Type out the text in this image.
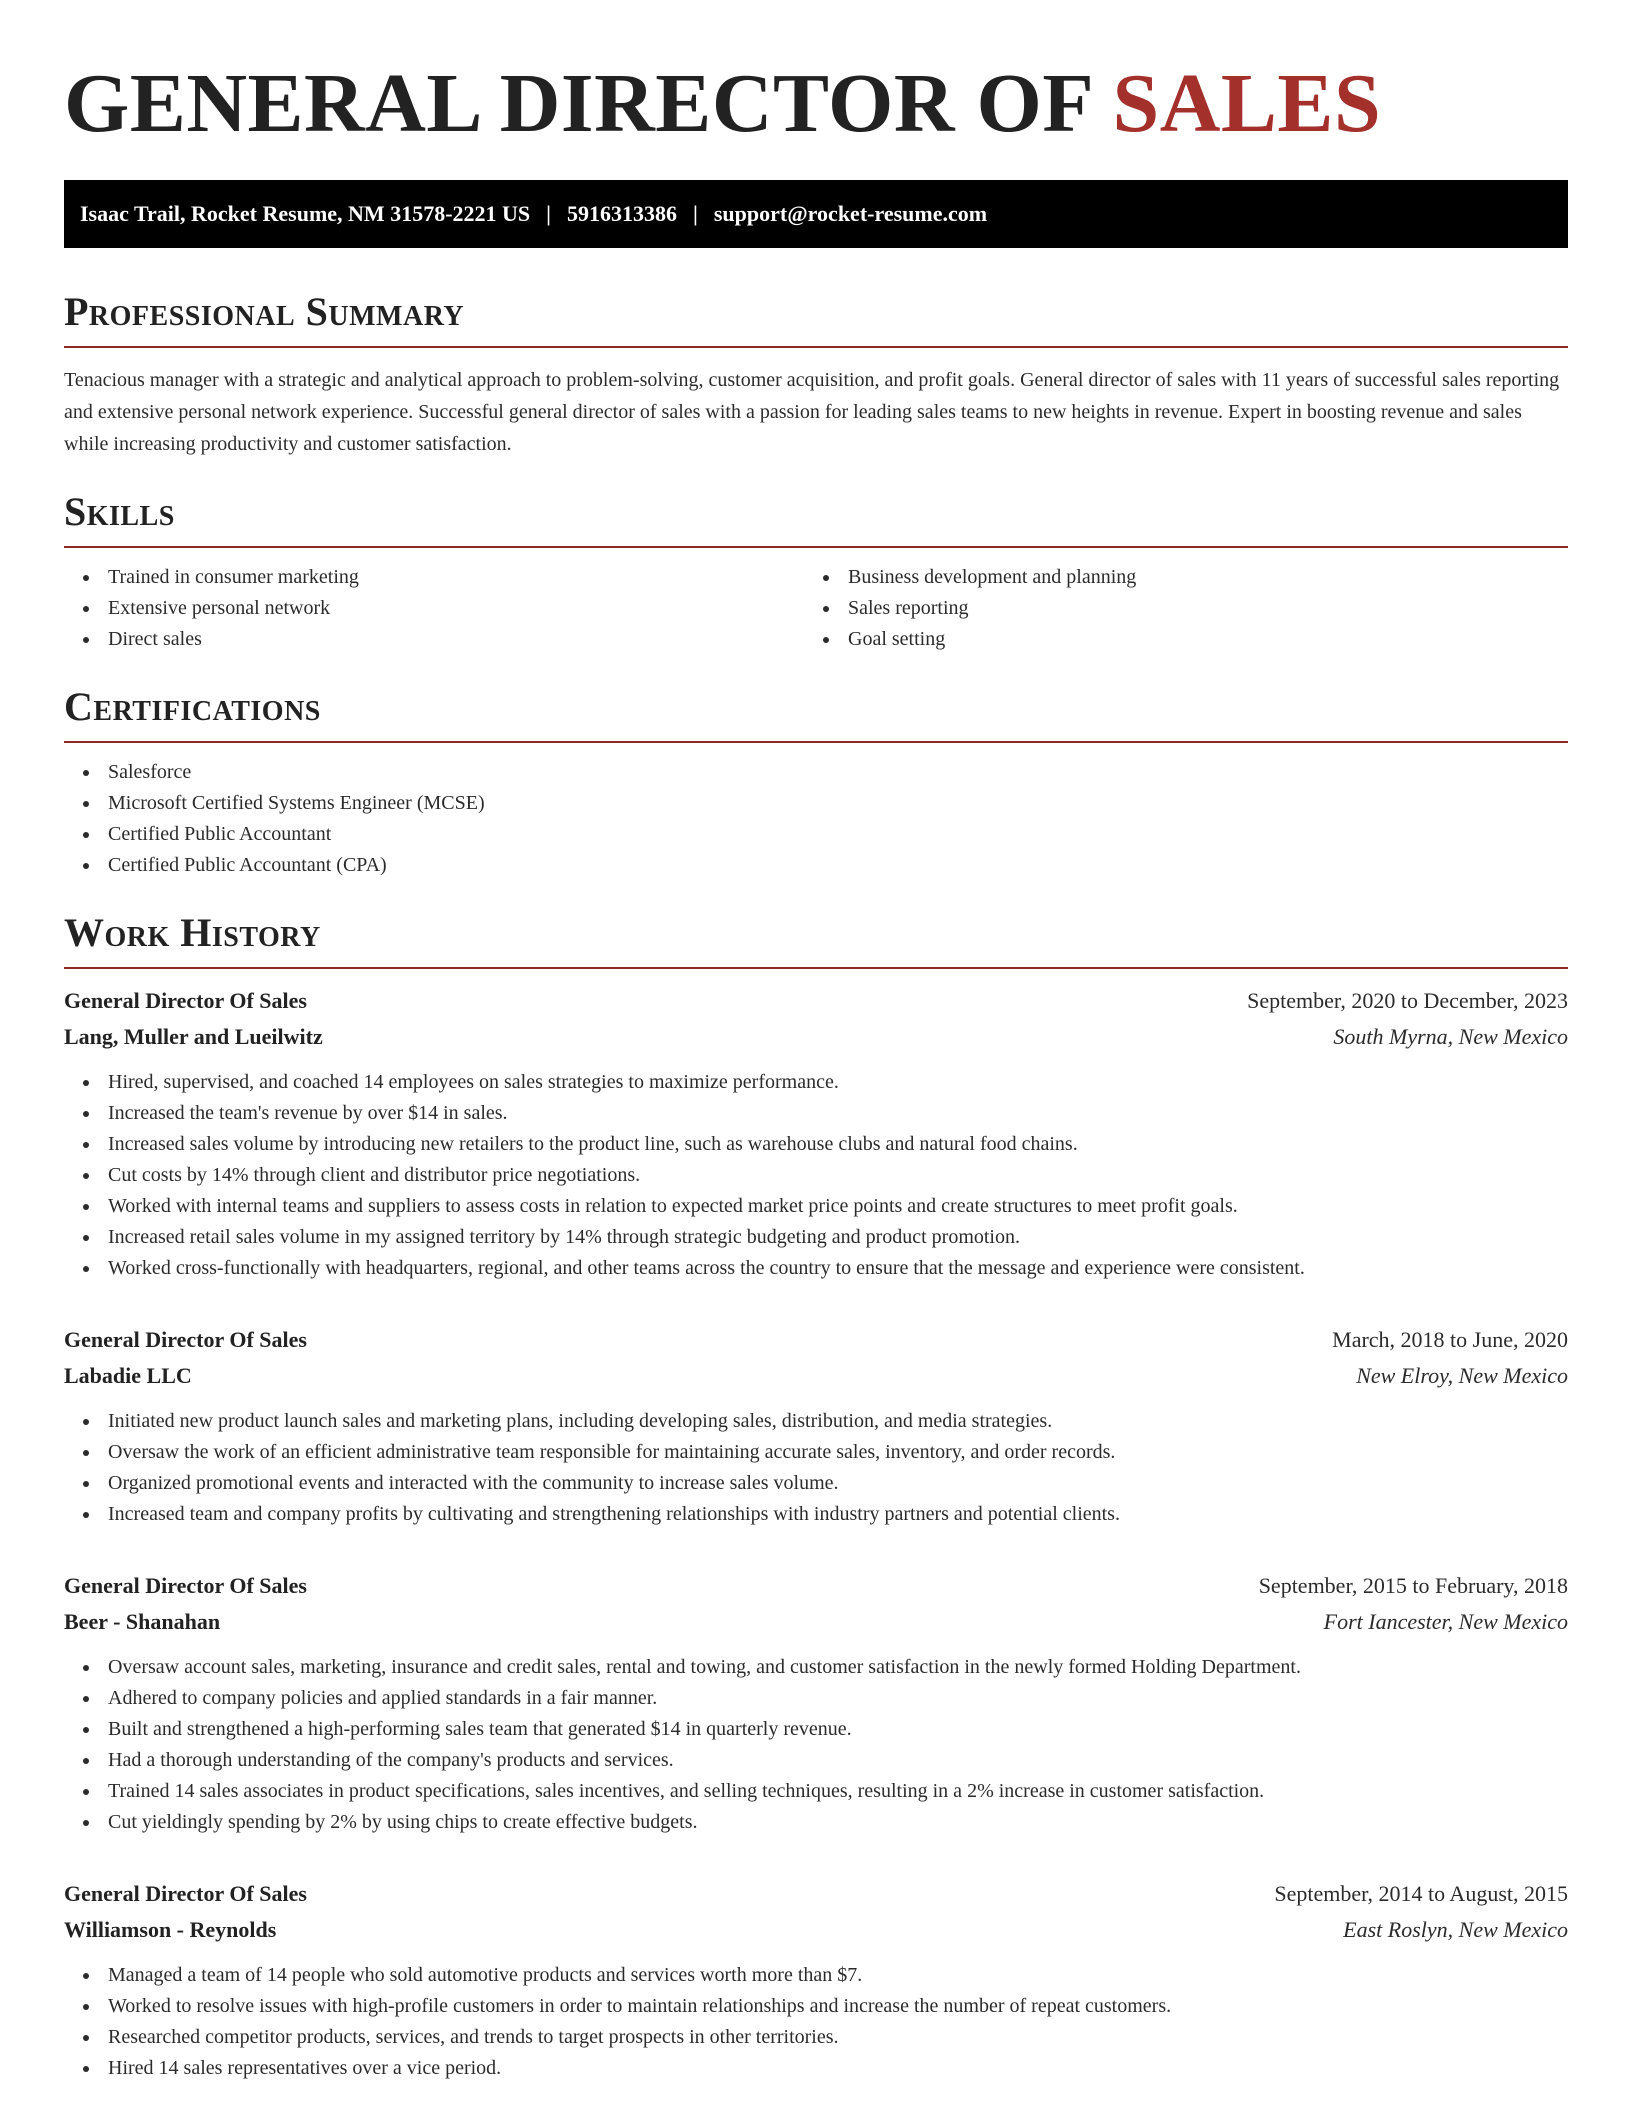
GENERAL DIRECTOR OF SALES
Isaac Trail, Rocket Resume, NM 31578-2221 US | 5916313386 | support@rocket-resume.com
Professional Summary

Tenacious manager with a strategic and analytical approach to problem-solving, customer acquisition, and profit goals. General director of sales with 11 years of successful sales reporting and extensive personal network experience. Successful general director of sales with a passion for leading sales teams to new heights in revenue. Expert in boosting revenue and sales while increasing productivity and customer satisfaction.

Skills
Trained in consumer marketing
Extensive personal network
Direct sales
Business development and planning
Sales reporting
Goal setting
Certifications
Salesforce
Microsoft Certified Systems Engineer (MCSE)
Certified Public Accountant
Certified Public Accountant (CPA)
Work History
General Director Of Sales	September, 2020 to December, 2023
Lang, Muller and Lueilwitz	South Myrna, New Mexico
Hired, supervised, and coached 14 employees on sales strategies to maximize performance.
Increased the team's revenue by over $14 in sales.
Increased sales volume by introducing new retailers to the product line, such as warehouse clubs and natural food chains.
Cut costs by 14% through client and distributor price negotiations.
Worked with internal teams and suppliers to assess costs in relation to expected market price points and create structures to meet profit goals.
Increased retail sales volume in my assigned territory by 14% through strategic budgeting and product promotion.
Worked cross-functionally with headquarters, regional, and other teams across the country to ensure that the message and experience were consistent.
General Director Of Sales	March, 2018 to June, 2020
Labadie LLC	New Elroy, New Mexico
Initiated new product launch sales and marketing plans, including developing sales, distribution, and media strategies.
Oversaw the work of an efficient administrative team responsible for maintaining accurate sales, inventory, and order records.
Organized promotional events and interacted with the community to increase sales volume.
Increased team and company profits by cultivating and strengthening relationships with industry partners and potential clients.
General Director Of Sales	September, 2015 to February, 2018
Beer - Shanahan	Fort Iancester, New Mexico
Oversaw account sales, marketing, insurance and credit sales, rental and towing, and customer satisfaction in the newly formed Holding Department.
Adhered to company policies and applied standards in a fair manner.
Built and strengthened a high-performing sales team that generated $14 in quarterly revenue.
Had a thorough understanding of the company's products and services.
Trained 14 sales associates in product specifications, sales incentives, and selling techniques, resulting in a 2% increase in customer satisfaction.
Cut yieldingly spending by 2% by using chips to create effective budgets.
General Director Of Sales	September, 2014 to August, 2015
Williamson - Reynolds	East Roslyn, New Mexico
Managed a team of 14 people who sold automotive products and services worth more than $7.
Worked to resolve issues with high-profile customers in order to maintain relationships and increase the number of repeat customers.
Researched competitor products, services, and trends to target prospects in other territories.
Hired 14 sales representatives over a vice period.
